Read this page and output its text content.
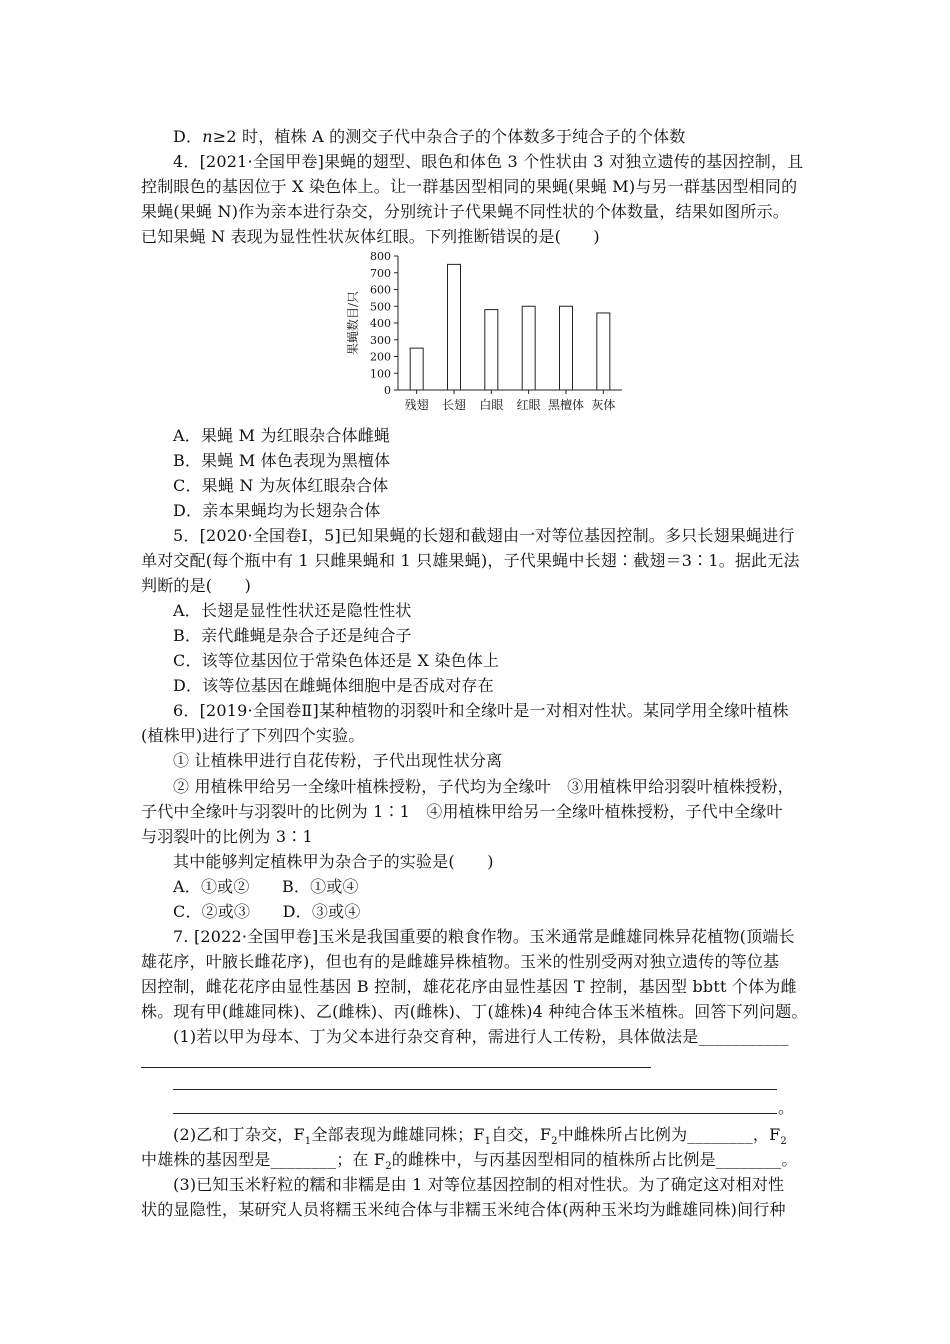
D．n≥2 时，植株 A 的测交子代中杂合子的个体数多于纯合子的个体数
4．[2021·全国甲卷]果蝇的翅型、眼色和体色 3 个性状由 3 对独立遗传的基因控制，且
控制眼色的基因位于 X 染色体上。让一群基因型相同的果蝇(果蝇 M)与另一群基因型相同的
果蝇(果蝇 N)作为亲本进行杂交，分别统计子代果蝇不同性状的个体数量，结果如图所示。
已知果蝇 N 表现为显性性状灰体红眼。下列推断错误的是(　　)
0
100
200
300
400
500
600
700
800
果蝇数目/只
残翅 长翅 白眼 红眼 黑檀体 灰体
A．果蝇 M 为红眼杂合体雌蝇
B．果蝇 M 体色表现为黑檀体
C．果蝇 N 为灰体红眼杂合体
D．亲本果蝇均为长翅杂合体
5．[2020·全国卷Ⅰ，5]已知果蝇的长翅和截翅由一对等位基因控制。多只长翅果蝇进行
单对交配(每个瓶中有 1 只雌果蝇和 1 只雄果蝇)，子代果蝇中长翅∶截翅＝3∶1。据此无法
判断的是(　　)
A．长翅是显性性状还是隐性性状
B．亲代雌蝇是杂合子还是纯合子
C．该等位基因位于常染色体还是 X 染色体上
D．该等位基因在雌蝇体细胞中是否成对存在
6．[2019·全国卷Ⅱ]某种植物的羽裂叶和全缘叶是一对相对性状。某同学用全缘叶植株
(植株甲)进行了下列四个实验。
① 让植株甲进行自花传粉，子代出现性状分离
② 用植株甲给另一全缘叶植株授粉，子代均为全缘叶　③用植株甲给羽裂叶植株授粉，
子代中全缘叶与羽裂叶的比例为 1∶1　④用植株甲给另一全缘叶植株授粉，子代中全缘叶
与羽裂叶的比例为 3∶1
其中能够判定植株甲为杂合子的实验是(　　)
A．①或②　　B．①或④
C．②或③　　D．③或④
7. [2022·全国甲卷]玉米是我国重要的粮食作物。玉米通常是雌雄同株异花植物(顶端长
雄花序，叶腋长雌花序)，但也有的是雌雄异株植物。玉米的性别受两对独立遗传的等位基
因控制，雌花花序由显性基因 B 控制，雄花花序由显性基因 T 控制，基因型 bbtt 个体为雌
株。现有甲(雌雄同株)、乙(雌株)、丙(雌株)、丁(雄株)4 种纯合体玉米植株。回答下列问题。
(1)若以甲为母本、丁为父本进行杂交育种，需进行人工传粉，具体做法是___________
。
(2)乙和丁杂交，$F_1$全部表现为雌雄同株；$F_1$自交，$F_2$中雌株所占比例为________，$F_2$
中雄株的基因型是________；在 $F_2$的雌株中，与丙基因型相同的植株所占比例是________。
(3)已知玉米籽粒的糯和非糯是由 1 对等位基因控制的相对性状。为了确定这对相对性
状的显隐性，某研究人员将糯玉米纯合体与非糯玉米纯合体(两种玉米均为雌雄同株)间行种
